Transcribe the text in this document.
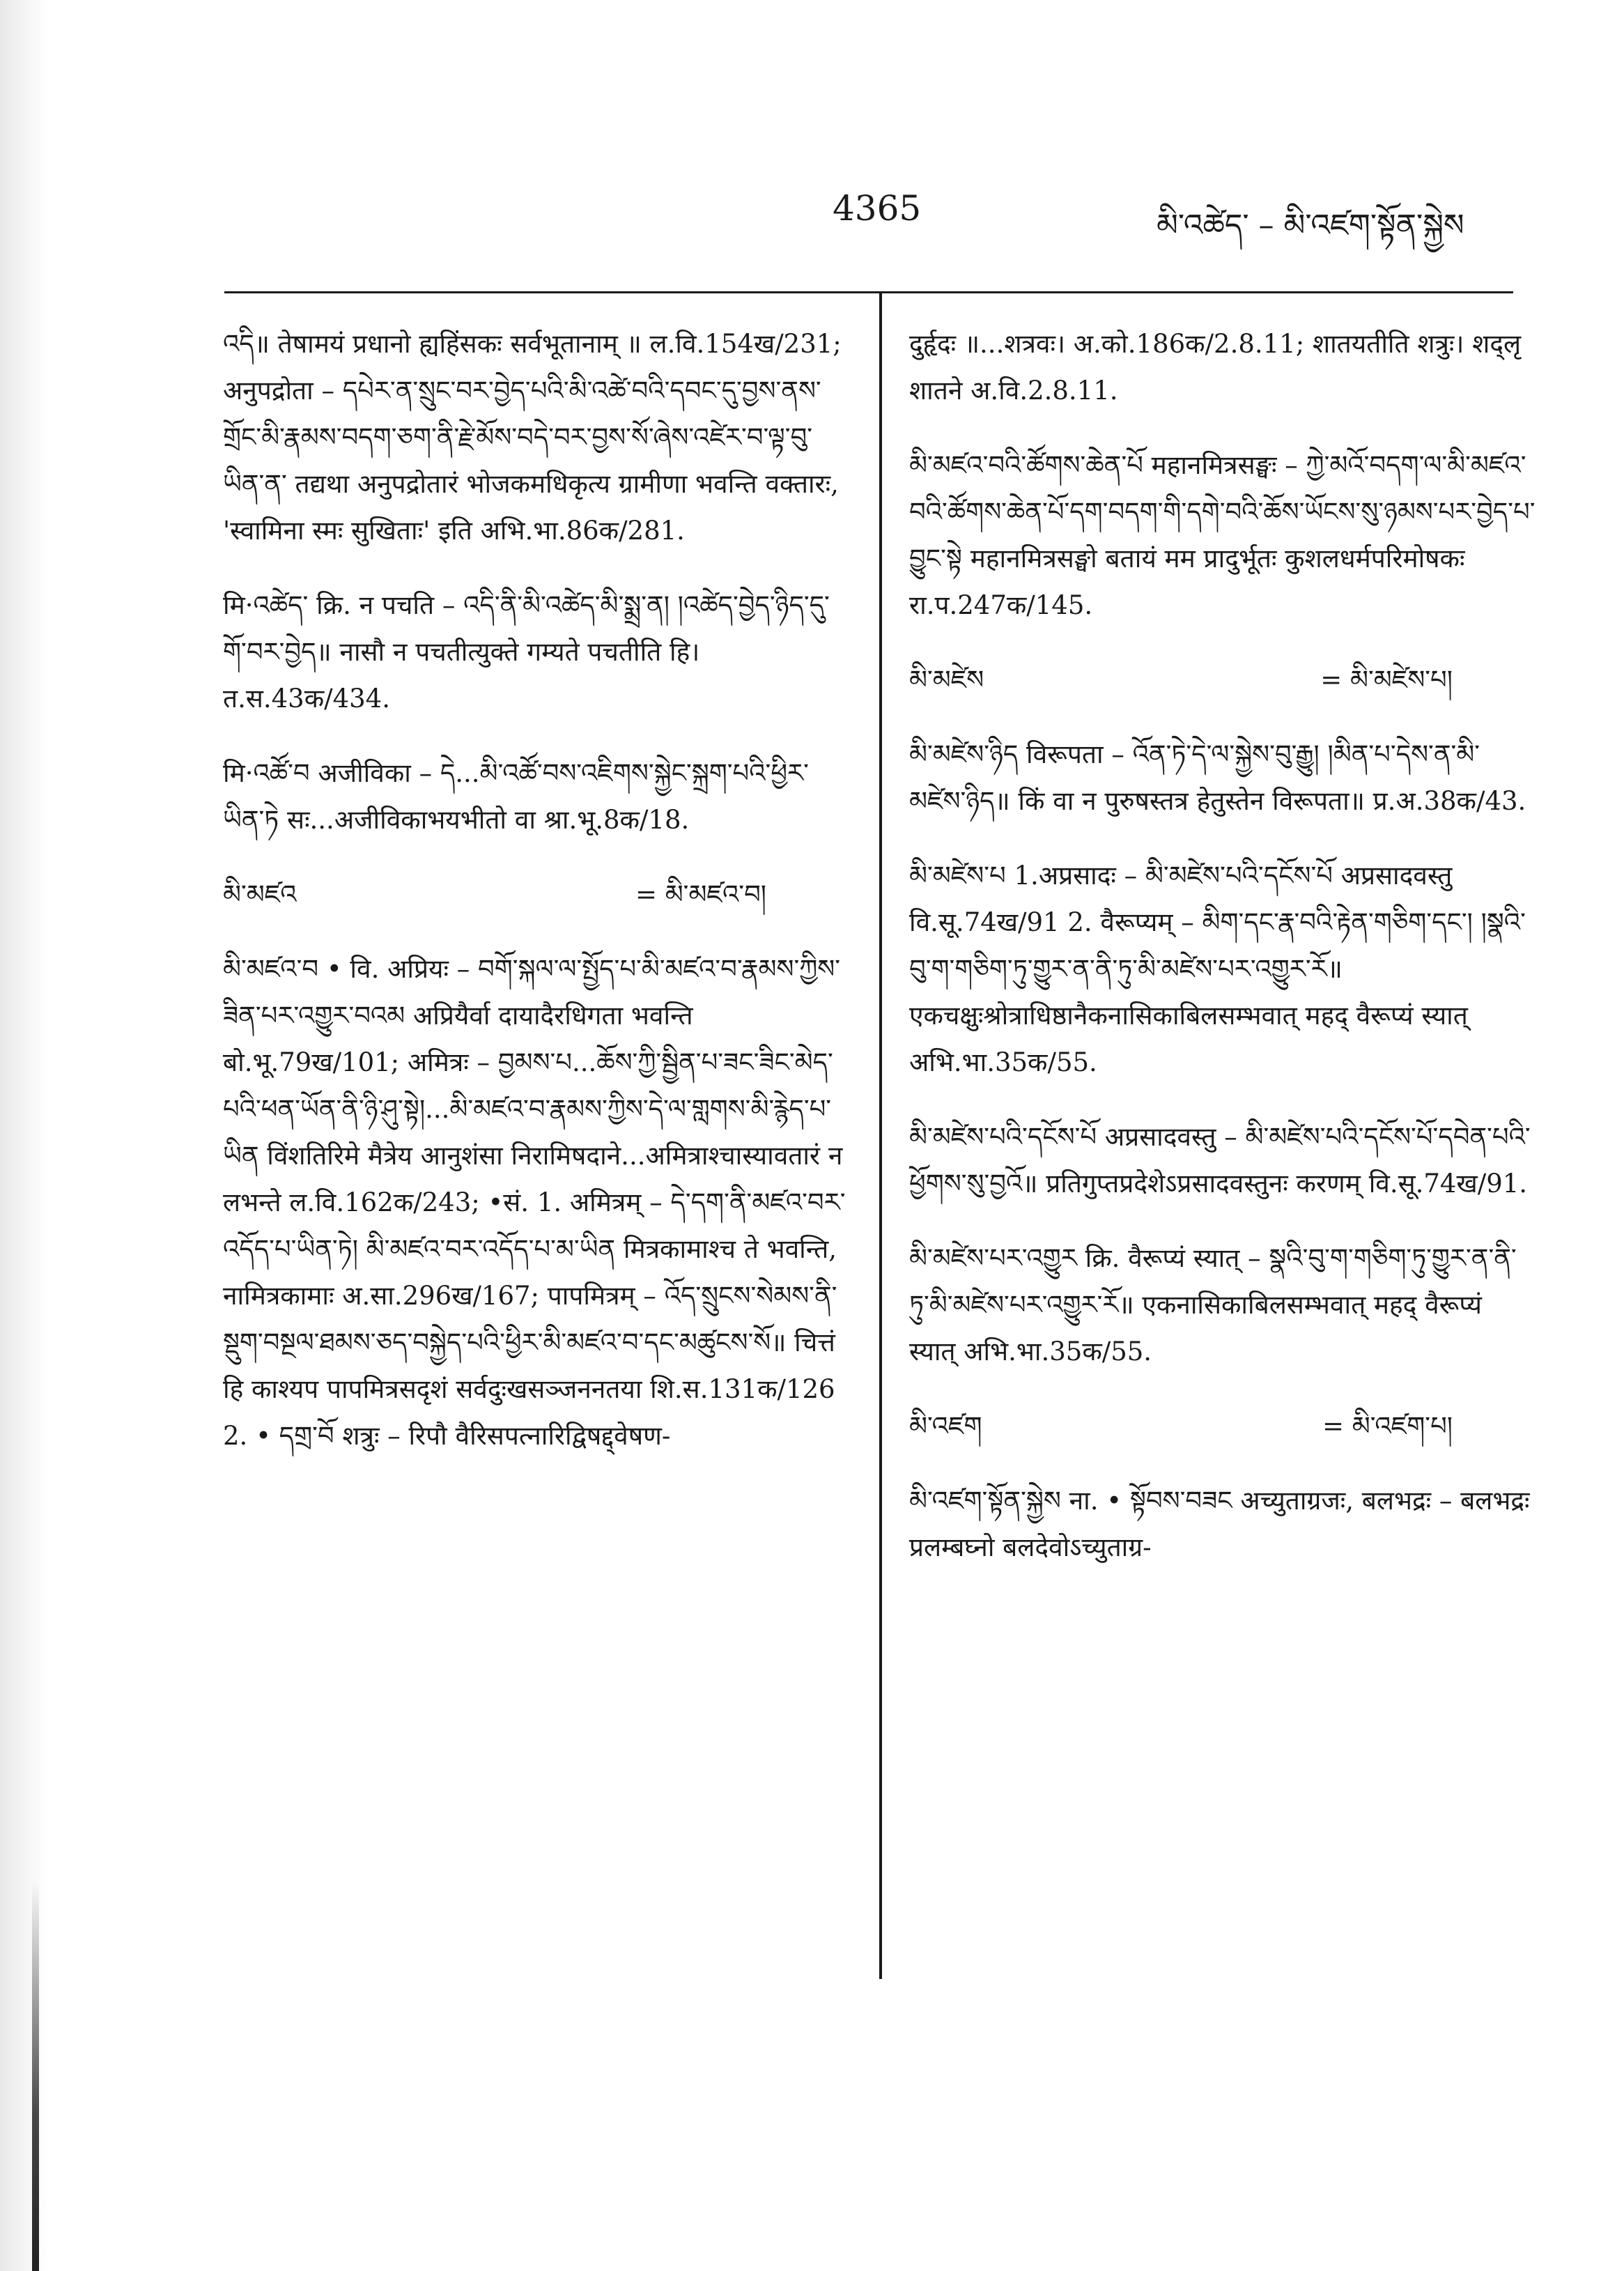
4365	མི་འཚེད་ – མི་འཛག་སྟོན་སྐྱེས
འདི॥ तेषामयं प्रधानो ह्यहिंसकः सर्वभूतानाम् ॥ ल.वि.154ख/231; अनुपद्रोता – དཔེར་ན་སྲུང་བར་བྱེད་པའི་མི་འཚེ་བའི་དབང་དུ་བྱས་ནས་གྲོང་མི་རྣམས་བདག་ཅག་ནི་རྗེ་མོས་བདེ་བར་བྱས་སོ་ཞེས་འཛེར་བ་ལྟ་བུ་ཡིན་ན་ तद्यथा अनुपद्रोतारं भोजकमधिकृत्य ग्रामीणा भवन्ति वक्तारः, 'स्वामिना स्मः सुखिताः' इति अभि.भा.86क/281.
मि·འཚེད་ क्रि. न पचति – འདི་ནི་མི་འཚེད་མི་སྨྲ་ན། །འཚེད་བྱེད་ཉིད་དུ་གོ་བར་བྱེད॥ नासौ न पचतीत्युक्ते गम्यते पचतीति हि। त.स.43क/434.
मि·འཚོ་བ अजीविका – དེ...མི་འཚོ་བས་འཇིགས་སྐྱེང་སྐྲག་པའི་ཕྱིར་ཡིན་ཏེ सः...अजीविकाभयभीतो वा श्रा.भू.8क/18.
མི་མཛའ	= མི་མཛའ་བ།
མི་མཛའ་བ • वि. अप्रियः – བགོ་སྐལ་ལ་སྤྱོད་པ་མི་མཛའ་བ་རྣམས་ཀྱིས་ཟིན་པར་འགྱུར་བའམ अप्रियैर्वा दायादैरधिगता भवन्ति बो.भू.79ख/101; अमित्रः – བྱམས་པ...ཆོས་ཀྱི་སྦྱིན་པ་ཟང་ཟིང་མེད་པའི་ཕན་ཡོན་ནི་ཉི་ཤུ་སྟེ།...མི་མཛའ་བ་རྣམས་ཀྱིས་དེ་ལ་གླགས་མི་རྙེད་པ་ཡིན विंशतिरिमे मैत्रेय आनुशंसा निरामिषदाने...अमित्राश्चास्यावतारं न लभन्ते ल.वि.162क/243; •सं. 1. अमित्रम् – དེ་དག་ནི་མཛའ་བར་འདོད་པ་ཡིན་ཏེ། མི་མཛའ་བར་འདོད་པ་མ་ཡིན मित्रकामाश्च ते भवन्ति, नामित्रकामाः अ.सा.296ख/167; पापमित्रम् – འོད་སྲུངས་སེམས་ནི་སྡུག་བསྔལ་ཐམས་ཅད་བསྐྱེད་པའི་ཕྱིར་མི་མཛའ་བ་དང་མཚུངས་སོ॥ चित्तं हि काश्यप पापमित्रसदृशं सर्वदुःखसञ्जननतया शि.स.131क/126 2. • དགྲ་བོ शत्रुः – रिपौ वैरिसपत्नारिद्विषद्द्वेषण-
दुर्हृदः ॥...शत्रवः। अ.को.186क/2.8.11; शातयतीति शत्रुः। शद्लृ शातने अ.वि.2.8.11.
མི་མཛའ་བའི་ཚོགས་ཆེན་པོ महानमित्रसङ्घः – ཀྱེ་མའོ་བདག་ལ་མི་མཛའ་བའི་ཚོགས་ཆེན་པོ་དག་བདག་གི་དགེ་བའི་ཆོས་ཡོངས་སུ་ཉམས་པར་བྱེད་པ་བྱུང་སྟེ महानमित्रसङ्घो बतायं मम प्रादुर्भूतः कुशलधर्मपरिमोषकः रा.प.247क/145.
མི་མཛེས	= མི་མཛེས་པ།
མི་མཛེས་ཉིད विरूपता – འོན་ཏེ་དེ་ལ་སྐྱེས་བུ་རྒྱུ། །མིན་པ་དེས་ན་མི་མཛེས་ཉིད॥ किं वा न पुरुषस्तत्र हेतुस्तेन विरूपता॥ प्र.अ.38क/43.
མི་མཛེས་པ 1.अप्रसादः – མི་མཛེས་པའི་དངོས་པོ अप्रसादवस्तु वि.सू.74ख/91 2. वैरूप्यम् – མིག་དང་རྣ་བའི་རྟེན་གཅིག་དང་། །སྣའི་བུ་ག་གཅིག་ཏུ་གྱུར་ན་ནི་ཏུ་མི་མཛེས་པར་འགྱུར་རོ॥ एकचक्षुःश्रोत्राधिष्ठानैकनासिकाबिलसम्भवात् महद् वैरूप्यं स्यात् अभि.भा.35क/55.
མི་མཛེས་པའི་དངོས་པོ अप्रसादवस्तु – མི་མཛེས་པའི་དངོས་པོ་དབེན་པའི་ཕྱོགས་སུ་བྱའོ॥ प्रतिगुप्तप्रदेशेऽप्रसादवस्तुनः करणम् वि.सू.74ख/91.
མི་མཛེས་པར་འགྱུར क्रि. वैरूप्यं स्यात् – སྣའི་བུ་ག་གཅིག་ཏུ་གྱུར་ན་ནི་ཏུ་མི་མཛེས་པར་འགྱུར་རོ॥ एकनासिकाबिलसम्भवात् महद् वैरूप्यं स्यात् अभि.भा.35क/55.
མི་འཛག	= མི་འཛག་པ།
མི་འཛག་སྟོན་སྐྱེས ना. • སྟོབས་བཟང अच्युताग्रजः, बलभद्रः – बलभद्रः प्रलम्बघ्नो बलदेवोऽच्युताग्र-
